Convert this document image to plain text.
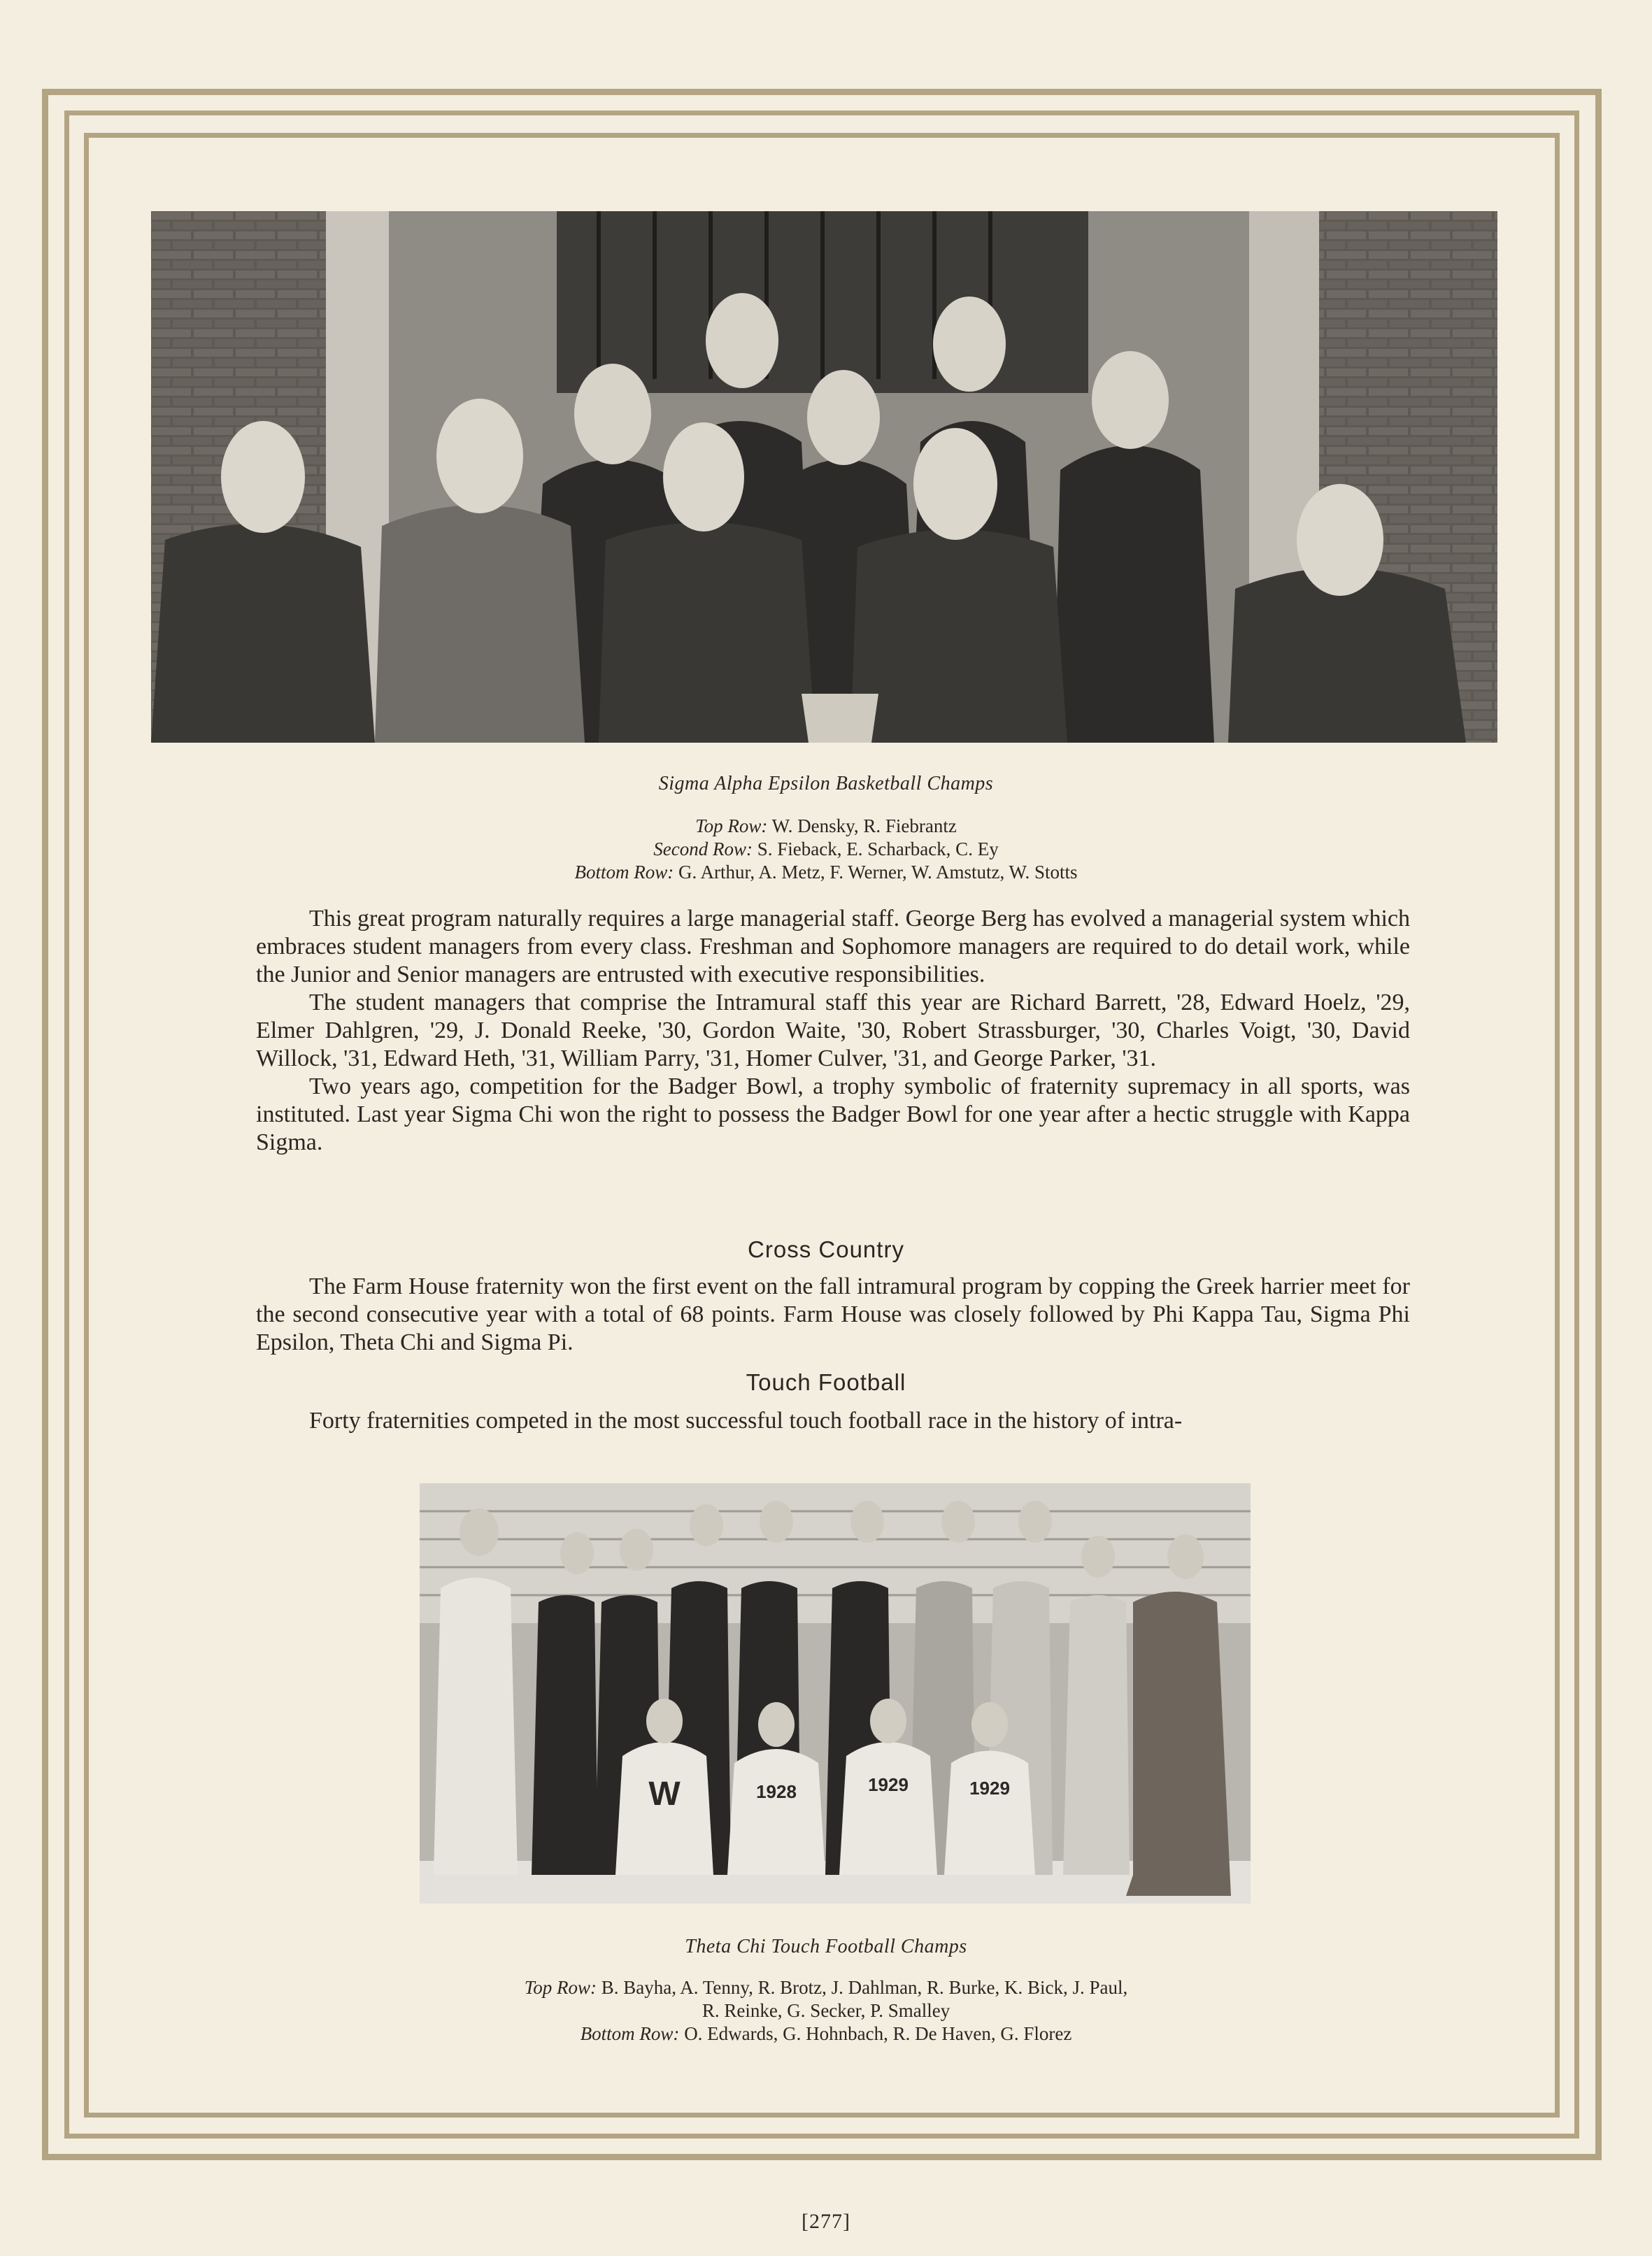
Sigma Alpha Epsilon Basketball Champs
Top Row: W. Densky, R. Fiebrantz
Second Row: S. Fieback, E. Scharback, C. Ey
Bottom Row: G. Arthur, A. Metz, F. Werner, W. Amstutz, W. Stotts

This great program naturally requires a large managerial staff. George Berg has evolved a managerial system which embraces student managers from every class. Freshman and Sophomore managers are required to do detail work, while the Junior and Senior managers are entrusted with executive responsibilities.

The student managers that comprise the Intramural staff this year are Richard Barrett, '28, Edward Hoelz, '29, Elmer Dahlgren, '29, J. Donald Reeke, '30, Gordon Waite, '30, Robert Strassburger, '30, Charles Voigt, '30, David Willock, '31, Edward Heth, '31, William Parry, '31, Homer Culver, '31, and George Parker, '31.

Two years ago, competition for the Badger Bowl, a trophy symbolic of fraternity supremacy in all sports, was instituted. Last year Sigma Chi won the right to possess the Badger Bowl for one year after a hectic struggle with Kappa Sigma.

Cross Country

The Farm House fraternity won the first event on the fall intramural program by copping the Greek harrier meet for the second consecutive year with a total of 68 points. Farm House was closely followed by Phi Kappa Tau, Sigma Phi Epsilon, Theta Chi and Sigma Pi.

Touch Football

Forty fraternities competed in the most successful touch football race in the history of intra-

W	1928	1929	1929
Theta Chi Touch Football Champs
Top Row: B. Bayha, A. Tenny, R. Brotz, J. Dahlman, R. Burke, K. Bick, J. Paul,
R. Reinke, G. Secker, P. Smalley
Bottom Row: O. Edwards, G. Hohnbach, R. De Haven, G. Florez
[277]
